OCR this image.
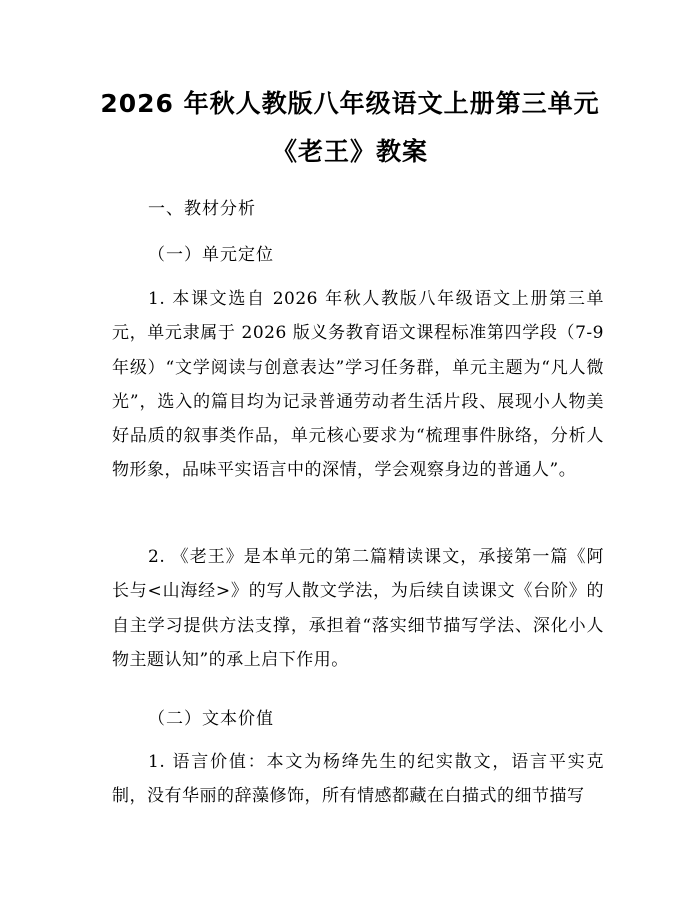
2026 年秋人教版八年级语文上册第三单元
《老王》教案
一、教材分析
（一）单元定位
1. 本课文选自 2026 年秋人教版八年级语文上册第三单元，单元隶属于 2026 版义务教育语文课程标准第四学段（7-9 年级）“文学阅读与创意表达”学习任务群，单元主题为“凡人微光”，选入的篇目均为记录普通劳动者生活片段、展现小人物美好品质的叙事类作品，单元核心要求为“梳理事件脉络，分析人物形象，品味平实语言中的深情，学会观察身边的普通人”。
2. 《老王》是本单元的第二篇精读课文，承接第一篇《阿长与<山海经>》的写人散文学法，为后续自读课文《台阶》的自主学习提供方法支撑，承担着“落实细节描写学法、深化小人物主题认知”的承上启下作用。
（二）文本价值
1. 语言价值：本文为杨绛先生的纪实散文，语言平实克制，没有华丽的辞藻修饰，所有情感都藏在白描式的细节描写
